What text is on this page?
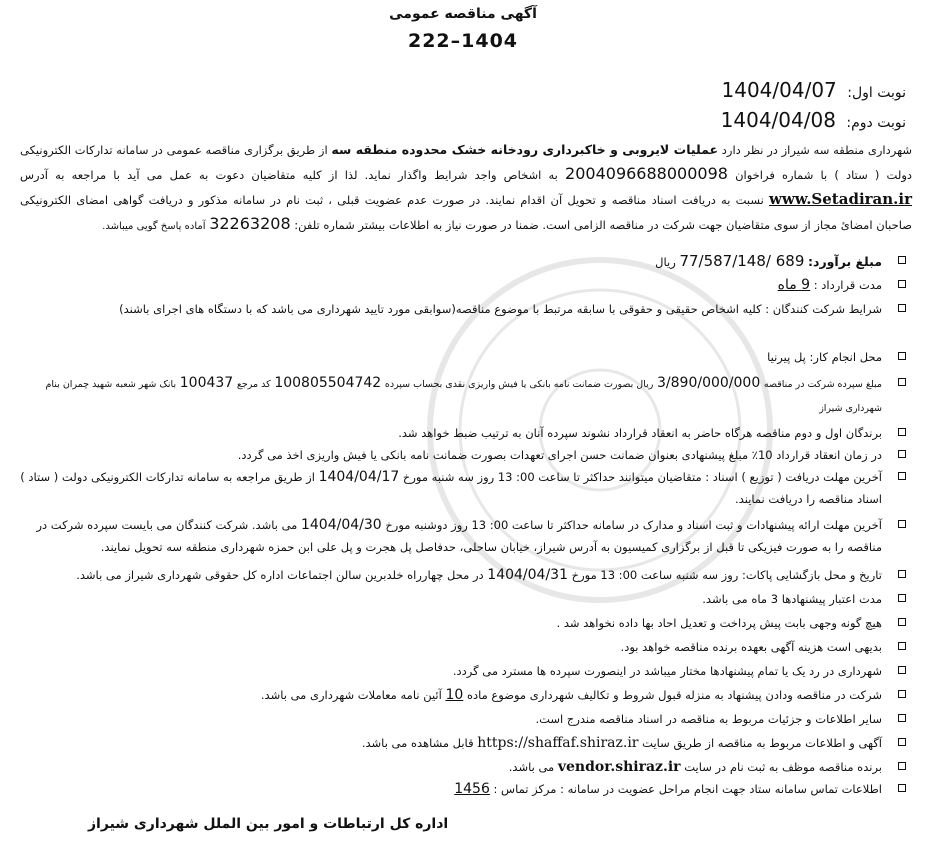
آگهی مناقصه عمومی
222–1404
نوبت اول: 1404/04/07
نوبت دوم: 1404/04/08
شهرداری منطقه سه شیراز در نظر دارد عملیات لایروبی و خاکبرداری رودخانه خشک محدوده منطقه سه از طریق برگزاری مناقصه عمومی در سامانه تدارکات الکترونیکی دولت ( ستاد ) با شماره فراخوان 2004096688000098 به اشخاص واجد شرایط واگذار نماید. لذا از کلیه متقاضیان دعوت به عمل می آید با مراجعه به آدرس www.Setadiran.ir نسبت به دریافت اسناد مناقصه و تحویل آن اقدام نمایند. در صورت عدم عضویت قبلی ، ثبت نام در سامانه مذکور و دریافت گواهی امضای الکترونیکی صاحبان امضائ مجاز از سوی متقاضیان جهت شرکت در مناقصه الزامی است. ضمنا در صورت نیاز به اطلاعات بیشتر شماره تلفن: 32263208 آماده پاسخ گویی میباشد.
مبلغ برآورد: 689 /77/587/148 ریال
مدت قرارداد : 9 ماه
شرایط شرکت کنندگان : کلیه اشخاص حقیقی و حقوقی با سابقه مرتبط با موضوع مناقصه(سوابقی مورد تایید شهرداری می باشد که با دستگاه های اجرای باشند)
محل انجام کار: پل پیرنیا
مبلغ سپرده شرکت در مناقصه 3/890/000/000 ریال بصورت ضمانت نامه بانکی یا فیش واریزی نقدی بحساب سپرده 100805504742 کد مرجع 100437 بانک شهر شعبه شهید چمران بنام شهرداری شیراز
برندگان اول و دوم مناقصه هرگاه حاضر به انعقاد قرارداد نشوند سپرده آنان به ترتیب ضبط خواهد شد.
در زمان انعقاد قرارداد 10٪ مبلغ پیشنهادی بعنوان ضمانت حسن اجرای تعهدات بصورت ضمانت نامه بانکی یا فیش واریزی اخذ می گردد.
آخرین مهلت دریافت ( توزیع ) اسناد : متقاضیان میتوانند حداکثر تا ساعت 00: 13 روز سه شنبه مورخ 1404/04/17 از طریق مراجعه به سامانه تدارکات الکترونیکی دولت ( ستاد ) اسناد مناقصه را دریافت نمایند.
آخرین مهلت ارائه پیشنهادات و ثبت اسناد و مدارک در سامانه حداکثر تا ساعت 00: 13 روز دوشنبه مورخ 1404/04/30 می باشد. شرکت کنندگان می بایست سپرده شرکت در مناقصه را به صورت فیزیکی تا قبل از برگزاری کمیسیون به آدرس شیراز، خیابان ساحلی، حدفاصل پل هجرت و پل علی ابن حمزه شهرداری منطقه سه تحویل نمایند.
تاریخ و محل بازگشایی پاکات: روز سه شنبه ساعت 00: 13 مورخ 1404/04/31 در محل چهارراه خلدبرین سالن اجتماعات اداره کل حقوقی شهرداری شیراز می باشد.
مدت اعتبار پیشنهادها 3 ماه می باشد.
هیچ گونه وجهی بابت پیش پرداخت و تعدیل احاد بها داده نخواهد شد .
بدیهی است هزینه آگهی بعهده برنده مناقصه خواهد بود.
شهرداری در رد یک یا تمام پیشنهادها مختار میباشد در اینصورت سپرده ها مسترد می گردد.
شرکت در مناقصه ودادن پیشنهاد به منزله قبول شروط و تکالیف شهرداری موضوع ماده 10 آئین نامه معاملات شهرداری می باشد.
سایر اطلاعات و جزئیات مربوط به مناقصه در اسناد مناقصه مندرج است.
آگهی و اطلاعات مربوط به مناقصه از طریق سایت https://shaffaf.shiraz.ir قابل مشاهده می باشد.
برنده مناقصه موظف به ثبت نام در سایت vendor.shiraz.ir می باشد.
اطلاعات تماس سامانه ستاد جهت انجام مراحل عضویت در سامانه : مرکز تماس : 1456
اداره کل ارتباطات و امور بین الملل شهرداری شیراز
